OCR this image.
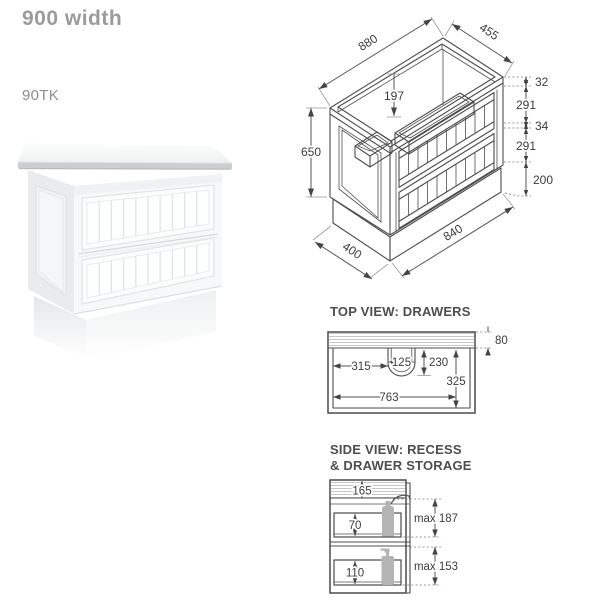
900 width
90TK
880	455
197
650
32
291
34
291
200
400
840
TOP VIEW: DRAWERS
80
315 125 230
325
763
SIDE VIEW: RECESS
& DRAWER STORAGE
165
70
max 187
110
max 153
